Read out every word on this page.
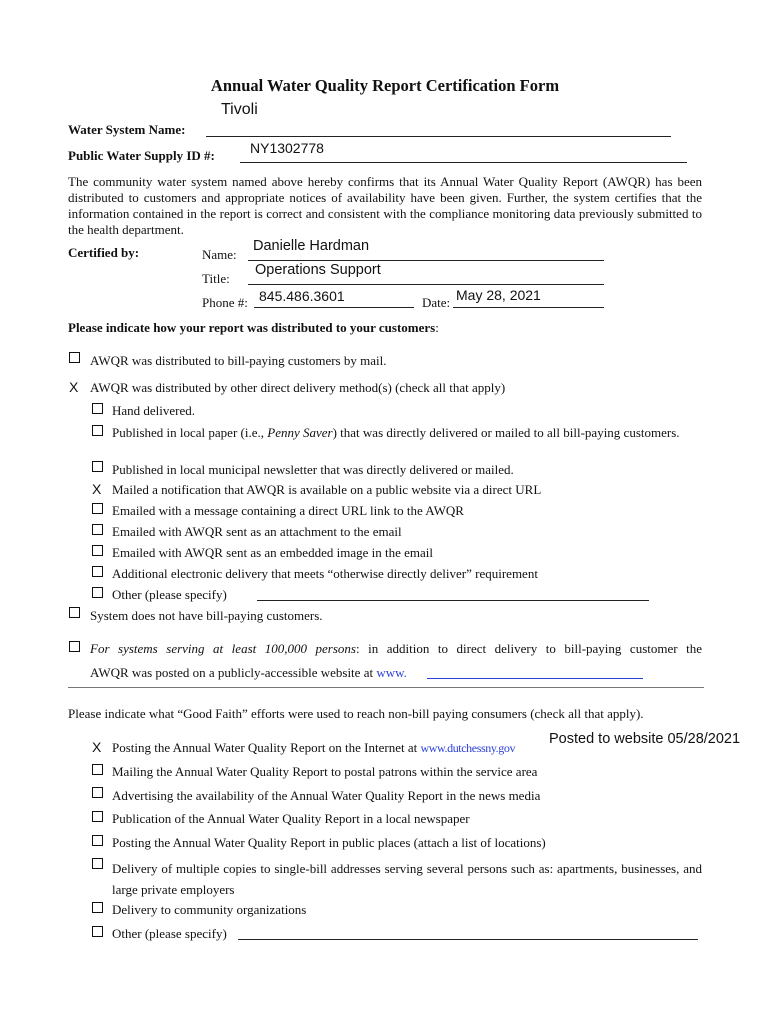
Annual Water Quality Report Certification Form
Tivoli
Water System Name:
NY1302778
Public Water Supply ID #:
The community water system named above hereby confirms that its Annual Water Quality Report (AWQR) has been distributed to customers and appropriate notices of availability have been given. Further, the system certifies that the information contained in the report is correct and consistent with the compliance monitoring data previously submitted to the health department.
Certified by:	Name:
Danielle Hardman
Title:
Operations Support
Phone #: 845.486.3601	Date: May 28, 2021
Please indicate how your report was distributed to your customers:
AWQR was distributed to bill-paying customers by mail.
X AWQR was distributed by other direct delivery method(s) (check all that apply)
Hand delivered.
Published in local paper (i.e., Penny Saver) that was directly delivered or mailed to all bill-paying customers.
Published in local municipal newsletter that was directly delivered or mailed.
X Mailed a notification that AWQR is available on a public website via a direct URL
Emailed with a message containing a direct URL link to the AWQR
Emailed with AWQR sent as an attachment to the email
Emailed with AWQR sent as an embedded image in the email
Additional electronic delivery that meets “otherwise directly deliver” requirement
Other (please specify)
System does not have bill-paying customers.
For systems serving at least 100,000 persons: in addition to direct delivery to bill-paying customer the
AWQR was posted on a publicly-accessible website at www.
Please indicate what “Good Faith” efforts were used to reach non-bill paying consumers (check all that apply).
X Posting the Annual Water Quality Report on the Internet at www.dutchessny.gov
Posted to website 05/28/2021
Mailing the Annual Water Quality Report to postal patrons within the service area
Advertising the availability of the Annual Water Quality Report in the news media
Publication of the Annual Water Quality Report in a local newspaper
Posting the Annual Water Quality Report in public places (attach a list of locations)
Delivery of multiple copies to single-bill addresses serving several persons such as: apartments, businesses, and large private employers
Delivery to community organizations
Other (please specify)
